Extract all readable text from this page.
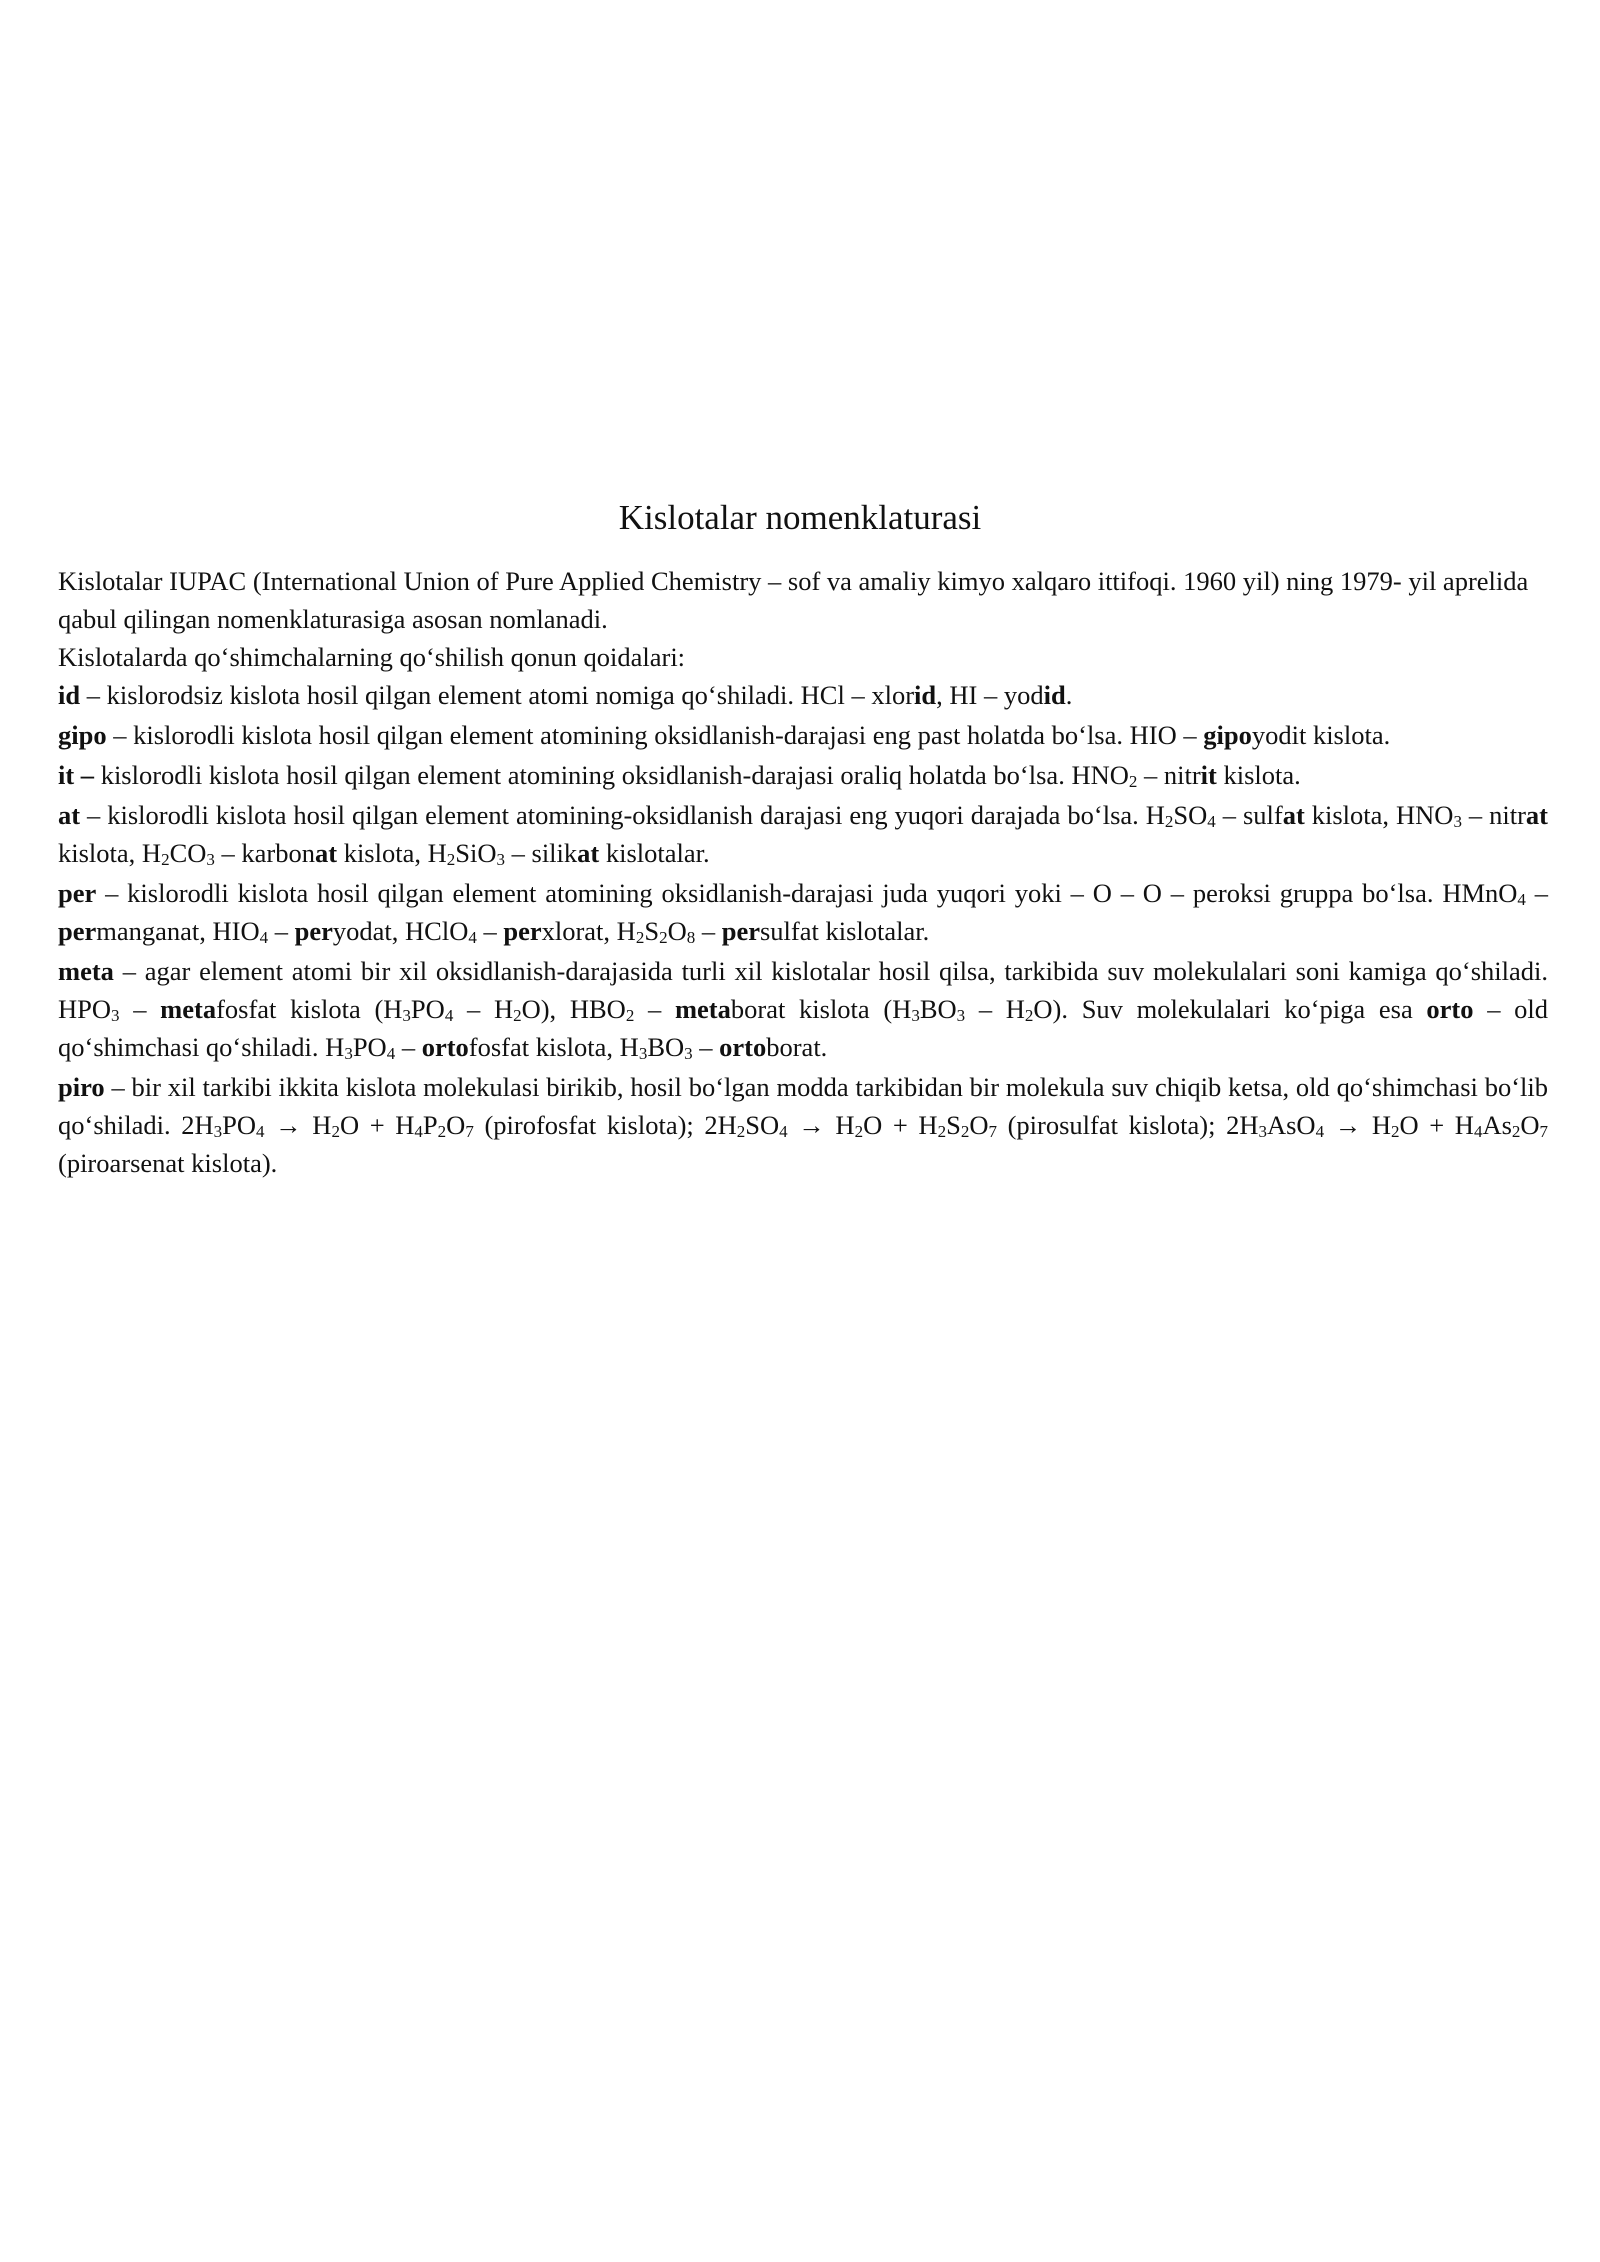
Kislotalar nomenklaturasi

Kislotalar IUPAC (International Union of Pure Applied Chemistry – sof va amaliy kimyo xalqaro ittifoqi. 1960 yil) ning 1979- yil aprelida qabul qilingan nomenklaturasiga asosan nomlanadi.

Kislotalarda qo‘shimchalarning qo‘shilish qonun qoidalari:

id – kislorodsiz kislota hosil qilgan element atomi nomiga qo‘shiladi. HCl – xlorid, HI – yodid.

gipo – kislorodli kislota hosil qilgan element atomining oksidlanish-darajasi eng past holatda bo‘lsa. HIO – gipoyodit kislota.

it – kislorodli kislota hosil qilgan element atomining oksidlanish-darajasi oraliq holatda bo‘lsa. $HNO_2$ – nitrit kislota.

at – kislorodli kislota hosil qilgan element atomining-oksidlanish darajasi eng yuqori darajada bo‘lsa. $H_2SO_4$ – sulfat kislota, $HNO_3$ – nitrat kislota, $H_2CO_3$ – karbonat kislota, $H_2SiO_3$ – silikat kislotalar.

per – kislorodli kislota hosil qilgan element atomining oksidlanish-darajasi juda yuqori yoki – O – O – peroksi gruppa bo‘lsa. HMnO$_4$ – permanganat, $HIO_4$ – peryodat, HClO$_4$ – perxlorat, $H_2S_2O_8$ – persulfat kislotalar.

meta – agar element atomi bir xil oksidlanish-darajasida turli xil kislotalar hosil qilsa, tarkibida suv molekulalari soni kamiga qo‘shiladi. $HPO_3$ – metafosfat kislota $(H_3PO_4 - H_2O)$, $HBO_2$ – metaborat kislota $(H_3BO_3 - H_2O)$. Suv molekulalari ko‘piga esa orto – old qo‘shimchasi qo‘shiladi. $H_3PO_4$ – ortofosfat kislota, $H_3BO_3$ – ortoborat.

piro – bir xil tarkibi ikkita kislota molekulasi birikib, hosil bo‘lgan modda tarkibidan bir molekula suv chiqib ketsa, old qo‘shimchasi bo‘lib qo‘shiladi. $2H_3PO_4 \to H_2O + H_4P_2O_7$ (pirofosfat kislota); $2H_2SO_4 \to H_2O + H_2S_2O_7$ (pirosulfat kislota); $2H_3AsO_4 \to H_2O + H_4As_2O_7$ (piroarsenat kislota).
